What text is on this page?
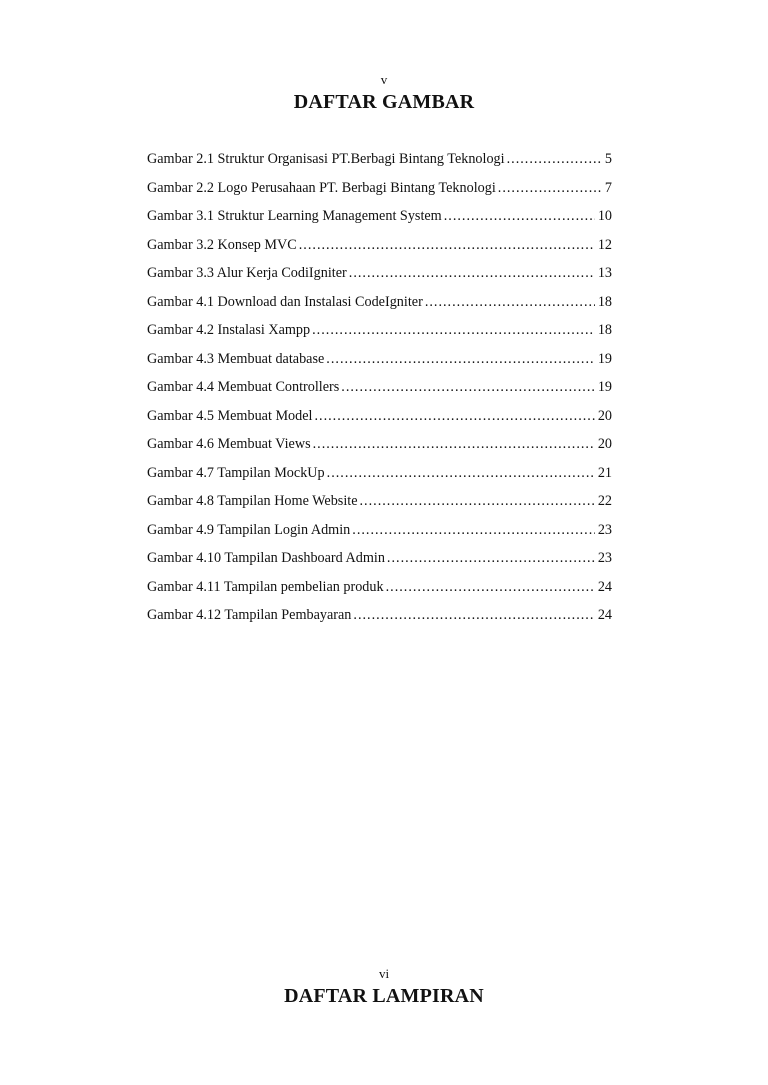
v
DAFTAR GAMBAR
Gambar 2.1 Struktur Organisasi PT.Berbagi Bintang Teknologi .....	5
Gambar 2.2 Logo Perusahaan PT. Berbagi Bintang Teknologi .....	7
Gambar 3.1 Struktur Learning Management System .....	10
Gambar 3.2 Konsep MVC .....	12
Gambar 3.3 Alur Kerja CodiIgniter .....	13
Gambar 4.1 Download dan Instalasi CodeIgniter .....	18
Gambar 4.2 Instalasi Xampp .....	18
Gambar 4.3 Membuat database .....	19
Gambar 4.4 Membuat Controllers .....	19
Gambar 4.5 Membuat Model .....	20
Gambar 4.6 Membuat Views .....	20
Gambar 4.7 Tampilan MockUp .....	21
Gambar 4.8 Tampilan Home Website .....	22
Gambar 4.9 Tampilan Login Admin .....	23
Gambar 4.10 Tampilan Dashboard Admin .....	23
Gambar 4.11 Tampilan pembelian produk .....	24
Gambar 4.12 Tampilan Pembayaran .....	24
vi
DAFTAR LAMPIRAN
